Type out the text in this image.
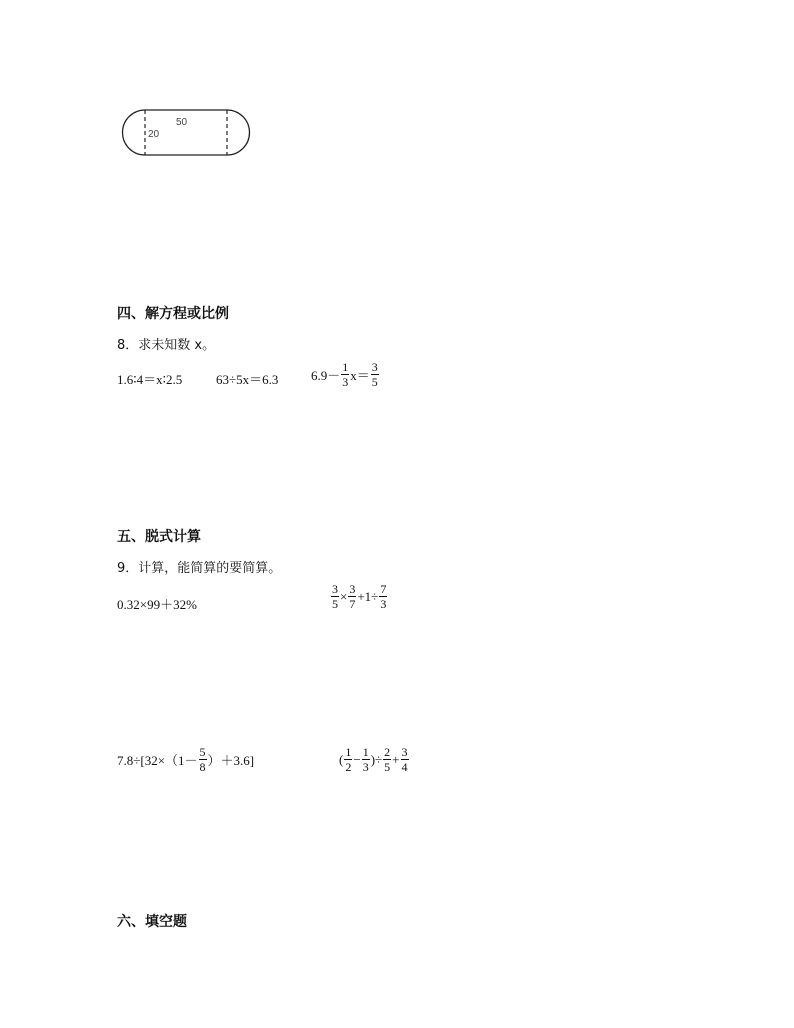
50
20
四、解方程或比例
8．求未知数 x。
1.6∶4＝x∶2.5	63÷5x＝6.3	$6.9- \frac{1}{3} x= \frac{3}{5}$
五、脱式计算
9．计算，能简算的要简算。
0.32×99＋32%	$\frac{3}{5} \times \frac{3}{7} +1\div \frac{7}{3}$
$7.8\div[32\times(1- \frac{5}{8} )+3.6]$	( $\frac{1}{2} - \frac{1}{3}$ )÷ $\frac{2}{5} + \frac{3}{4}$
六、填空题
